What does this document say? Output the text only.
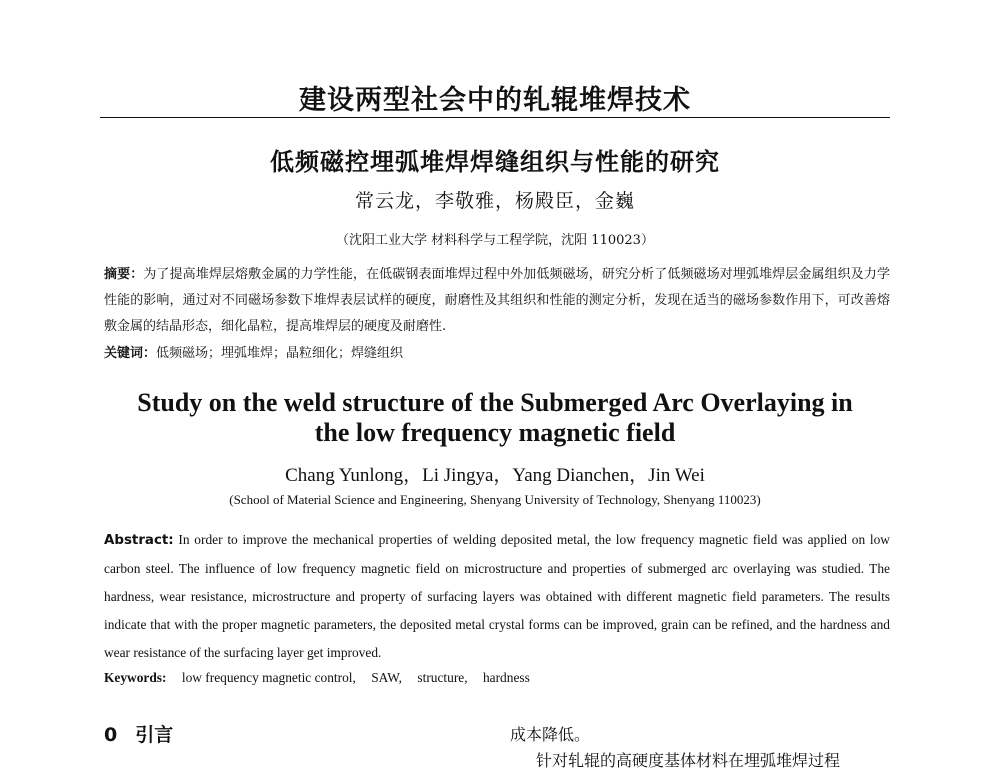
建设两型社会中的轧辊堆焊技术
低频磁控埋弧堆焊焊缝组织与性能的研究
常云龙，李敬雅，杨殿臣，金巍
（沈阳工业大学 材料科学与工程学院，沈阳 110023）
摘要：为了提高堆焊层熔敷金属的力学性能，在低碳钢表面堆焊过程中外加低频磁场，研究分析了低频磁场对埋弧堆焊层金属组织及力学性能的影响，通过对不同磁场参数下堆焊表层试样的硬度，耐磨性及其组织和性能的测定分析，发现在适当的磁场参数作用下，可改善熔敷金属的结晶形态，细化晶粒，提高堆焊层的硬度及耐磨性.
关键词：低频磁场；埋弧堆焊；晶粒细化；焊缝组织
Study on the weld structure of the Submerged Arc Overlaying in
the low frequency magnetic field
Chang Yunlong，Li Jingya，Yang Dianchen，Jin Wei
(School of Material Science and Engineering, Shenyang University of Technology, Shenyang 110023)
Abstract: In order to improve the mechanical properties of welding deposited metal, the low frequency magnetic field was applied on low carbon steel. The influence of low frequency magnetic field on microstructure and properties of submerged arc overlaying was studied. The hardness, wear resistance, microstructure and property of surfacing layers was obtained with different magnetic field parameters. The results indicate that with the proper magnetic parameters, the deposited metal crystal forms can be improved, grain can be refined, and the hardness and wear resistance of the surfacing layer get improved.
Keywords: low frequency magnetic control, SAW, structure, hardness
0 引言	成本降低。
针对轧辊的高硬度基体材料在埋弧堆焊过程
